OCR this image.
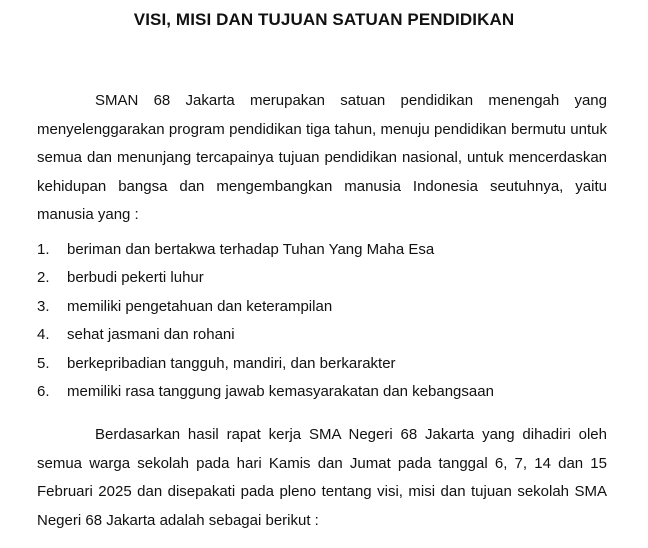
VISI, MISI DAN TUJUAN SATUAN PENDIDIKAN

SMAN 68 Jakarta merupakan satuan pendidikan menengah yang menyelenggarakan program pendidikan tiga tahun, menuju pendidikan bermutu untuk semua dan menunjang tercapainya tujuan pendidikan nasional, untuk mencerdaskan kehidupan bangsa dan mengembangkan manusia Indonesia seutuhnya, yaitu manusia yang :

1. beriman dan bertakwa terhadap Tuhan Yang Maha Esa
2. berbudi pekerti luhur
3. memiliki pengetahuan dan keterampilan
4. sehat jasmani dan rohani
5. berkepribadian tangguh, mandiri, dan berkarakter
6. memiliki rasa tanggung jawab kemasyarakatan dan kebangsaan

Berdasarkan hasil rapat kerja SMA Negeri 68 Jakarta yang dihadiri oleh semua warga sekolah pada hari Kamis dan Jumat pada tanggal 6, 7, 14 dan 15 Februari 2025 dan disepakati pada pleno tentang visi, misi dan tujuan sekolah SMA Negeri 68 Jakarta adalah sebagai berikut :
